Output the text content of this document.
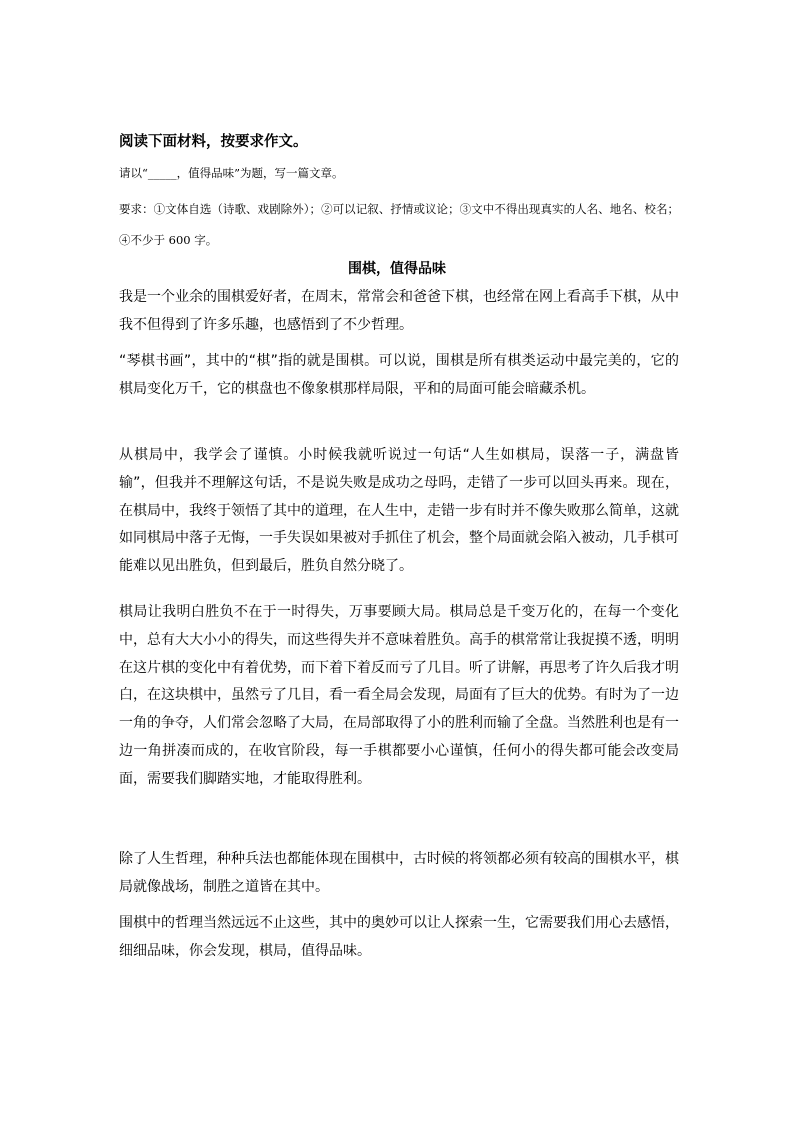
阅读下面材料，按要求作文。
请以“_____，值得品味”为题，写一篇文章。

要求：①文体自选（诗歌、戏剧除外）；②可以记叙、抒情或议论；③文中不得出现真实的人名、地名、校名；④不少于 600 字。

围棋，值得品味

我是一个业余的围棋爱好者，在周末，常常会和爸爸下棋，也经常在网上看高手下棋，从中我不但得到了许多乐趣，也感悟到了不少哲理。

“琴棋书画”，其中的“棋”指的就是围棋。可以说，围棋是所有棋类运动中最完美的，它的棋局变化万千，它的棋盘也不像象棋那样局限，平和的局面可能会暗藏杀机。

从棋局中，我学会了谨慎。小时候我就听说过一句话“人生如棋局，误落一子，满盘皆输”，但我并不理解这句话，不是说失败是成功之母吗，走错了一步可以回头再来。现在，在棋局中，我终于领悟了其中的道理，在人生中，走错一步有时并不像失败那么简单，这就如同棋局中落子无悔，一手失误如果被对手抓住了机会，整个局面就会陷入被动，几手棋可能难以见出胜负，但到最后，胜负自然分晓了。

棋局让我明白胜负不在于一时得失，万事要顾大局。棋局总是千变万化的，在每一个变化中，总有大大小小的得失，而这些得失并不意味着胜负。高手的棋常常让我捉摸不透，明明在这片棋的变化中有着优势，而下着下着反而亏了几目。听了讲解，再思考了许久后我才明白，在这块棋中，虽然亏了几目，看一看全局会发现，局面有了巨大的优势。有时为了一边一角的争夺，人们常会忽略了大局，在局部取得了小的胜利而输了全盘。当然胜利也是有一边一角拼凑而成的，在收官阶段，每一手棋都要小心谨慎，任何小的得失都可能会改变局面，需要我们脚踏实地，才能取得胜利。

除了人生哲理，种种兵法也都能体现在围棋中，古时候的将领都必须有较高的围棋水平，棋局就像战场，制胜之道皆在其中。

围棋中的哲理当然远远不止这些，其中的奥妙可以让人探索一生，它需要我们用心去感悟，细细品味，你会发现，棋局，值得品味。
